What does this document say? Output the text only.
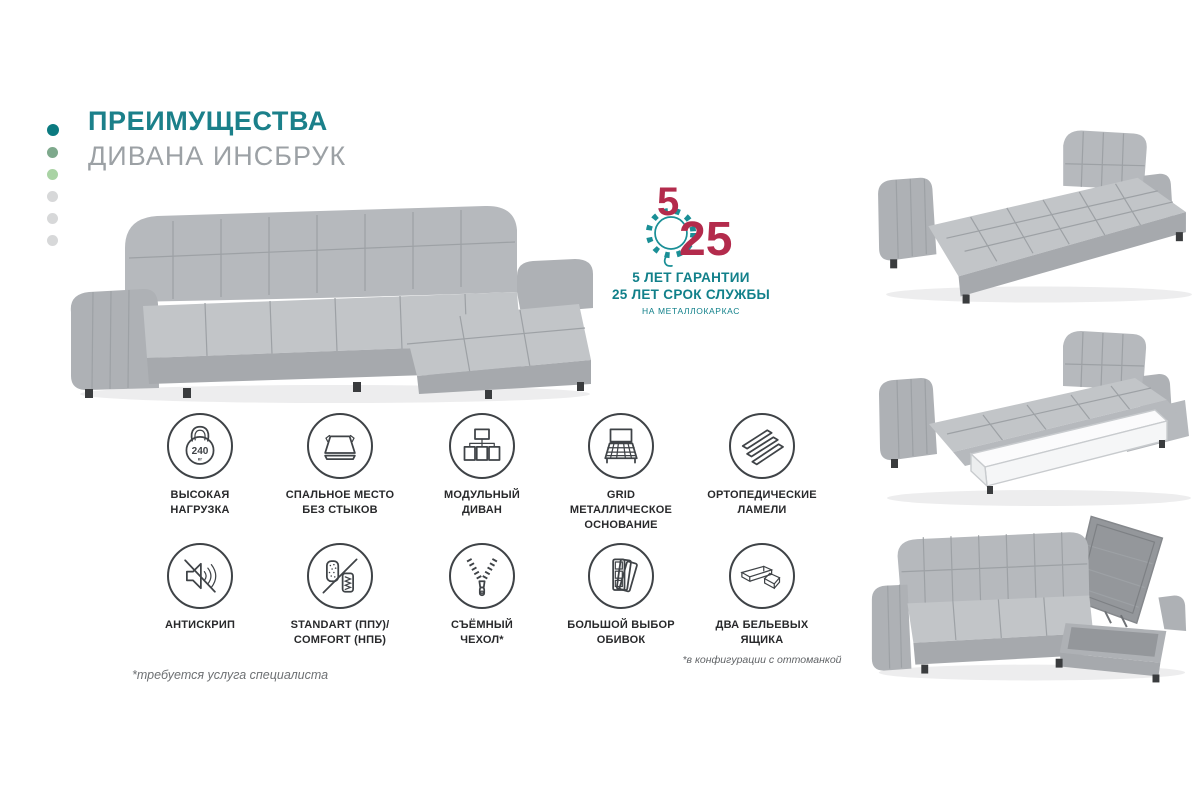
ПРЕИМУЩЕСТВА
ДИВАНА ИНСБРУК
5
25
5 ЛЕТ ГАРАНТИИ
25 ЛЕТ СРОК СЛУЖБЫ
НА МЕТАЛЛОКАРКАС
240
кг
ВЫСОКАЯ
НАГРУЗКА
СПАЛЬНОЕ МЕСТО
БЕЗ СТЫКОВ
МОДУЛЬНЫЙ
ДИВАН
GRID
МЕТАЛЛИЧЕСКОЕ
ОСНОВАНИЕ
ОРТОПЕДИЧЕСКИЕ
ЛАМЕЛИ
АНТИСКРИП	STANDART (ППУ)/
COMFORT (НПБ)
СЪЁМНЫЙ
ЧЕХОЛ*
БОЛЬШОЙ ВЫБОР
ОБИВОК
ДВА БЕЛЬЕВЫХ
ЯЩИКА
*в конфигурации с оттоманкой
*требуется услуга специалиста
